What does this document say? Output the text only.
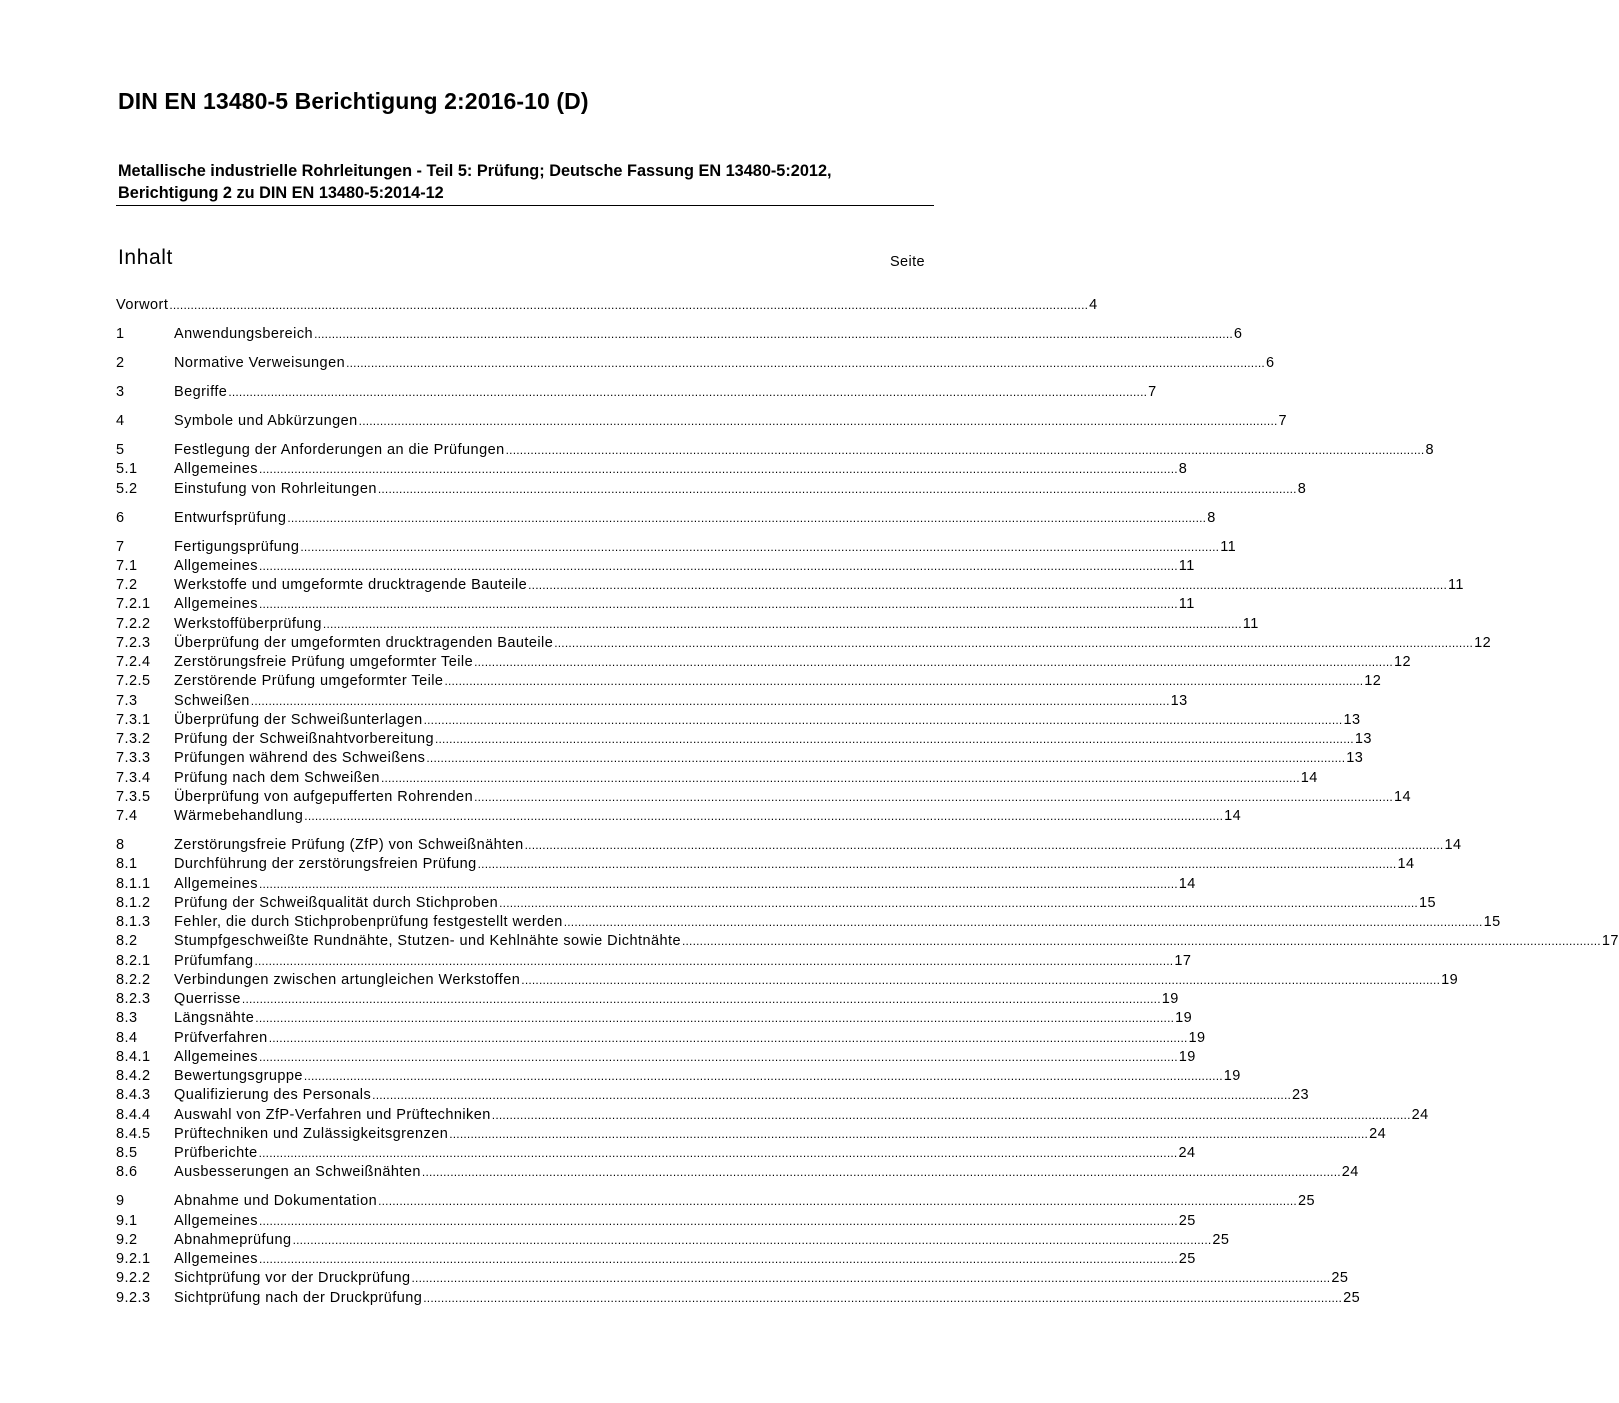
DIN EN 13480-5 Berichtigung 2:2016-10 (D)
Metallische industrielle Rohrleitungen - Teil 5: Prüfung; Deutsche Fassung EN 13480-5:2012, Berichtigung 2 zu DIN EN 13480-5:2014-12
Inhalt	Seite
Vorwort .................................................................................................................................................................................................................................................................... 4
1	Anwendungsbereich .................................................................................................................................................................................................................................................................... 6
2	Normative Verweisungen .................................................................................................................................................................................................................................................................... 6
3	Begriffe .................................................................................................................................................................................................................................................................... 7
4	Symbole und Abkürzungen .................................................................................................................................................................................................................................................................... 7
5	Festlegung der Anforderungen an die Prüfungen .................................................................................................................................................................................................................................................................... 8
5.1	Allgemeines .................................................................................................................................................................................................................................................................... 8
5.2	Einstufung von Rohrleitungen .................................................................................................................................................................................................................................................................... 8
6	Entwurfsprüfung .................................................................................................................................................................................................................................................................... 8
7	Fertigungsprüfung .................................................................................................................................................................................................................................................................... 11
7.1	Allgemeines .................................................................................................................................................................................................................................................................... 11
7.2	Werkstoffe und umgeformte drucktragende Bauteile .................................................................................................................................................................................................................................................................... 11
7.2.1	Allgemeines .................................................................................................................................................................................................................................................................... 11
7.2.2	Werkstoffüberprüfung .................................................................................................................................................................................................................................................................... 11
7.2.3	Überprüfung der umgeformten drucktragenden Bauteile .................................................................................................................................................................................................................................................................... 12
7.2.4	Zerstörungsfreie Prüfung umgeformter Teile .................................................................................................................................................................................................................................................................... 12
7.2.5	Zerstörende Prüfung umgeformter Teile .................................................................................................................................................................................................................................................................... 12
7.3	Schweißen .................................................................................................................................................................................................................................................................... 13
7.3.1	Überprüfung der Schweißunterlagen .................................................................................................................................................................................................................................................................... 13
7.3.2	Prüfung der Schweißnahtvorbereitung .................................................................................................................................................................................................................................................................... 13
7.3.3	Prüfungen während des Schweißens .................................................................................................................................................................................................................................................................... 13
7.3.4	Prüfung nach dem Schweißen .................................................................................................................................................................................................................................................................... 14
7.3.5	Überprüfung von aufgepufferten Rohrenden .................................................................................................................................................................................................................................................................... 14
7.4	Wärmebehandlung .................................................................................................................................................................................................................................................................... 14
8	Zerstörungsfreie Prüfung (ZfP) von Schweißnähten .................................................................................................................................................................................................................................................................... 14
8.1	Durchführung der zerstörungsfreien Prüfung .................................................................................................................................................................................................................................................................... 14
8.1.1	Allgemeines .................................................................................................................................................................................................................................................................... 14
8.1.2	Prüfung der Schweißqualität durch Stichproben .................................................................................................................................................................................................................................................................... 15
8.1.3	Fehler, die durch Stichprobenprüfung festgestellt werden .................................................................................................................................................................................................................................................................... 15
8.2	Stumpfgeschweißte Rundnähte, Stutzen- und Kehlnähte sowie Dichtnähte .................................................................................................................................................................................................................................................................... 17
8.2.1	Prüfumfang .................................................................................................................................................................................................................................................................... 17
8.2.2	Verbindungen zwischen artungleichen Werkstoffen .................................................................................................................................................................................................................................................................... 19
8.2.3	Querrisse .................................................................................................................................................................................................................................................................... 19
8.3	Längsnähte .................................................................................................................................................................................................................................................................... 19
8.4	Prüfverfahren .................................................................................................................................................................................................................................................................... 19
8.4.1	Allgemeines .................................................................................................................................................................................................................................................................... 19
8.4.2	Bewertungsgruppe .................................................................................................................................................................................................................................................................... 19
8.4.3	Qualifizierung des Personals .................................................................................................................................................................................................................................................................... 23
8.4.4	Auswahl von ZfP-Verfahren und Prüftechniken .................................................................................................................................................................................................................................................................... 24
8.4.5	Prüftechniken und Zulässigkeitsgrenzen .................................................................................................................................................................................................................................................................... 24
8.5	Prüfberichte .................................................................................................................................................................................................................................................................... 24
8.6	Ausbesserungen an Schweißnähten .................................................................................................................................................................................................................................................................... 24
9	Abnahme und Dokumentation .................................................................................................................................................................................................................................................................... 25
9.1	Allgemeines .................................................................................................................................................................................................................................................................... 25
9.2	Abnahmeprüfung .................................................................................................................................................................................................................................................................... 25
9.2.1	Allgemeines .................................................................................................................................................................................................................................................................... 25
9.2.2	Sichtprüfung vor der Druckprüfung .................................................................................................................................................................................................................................................................... 25
9.2.3	Sichtprüfung nach der Druckprüfung .................................................................................................................................................................................................................................................................... 25
